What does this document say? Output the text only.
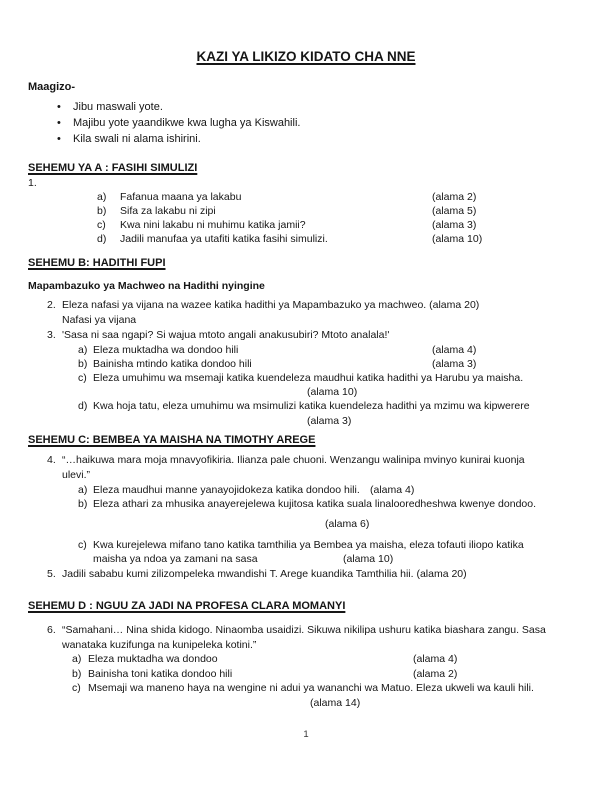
KAZI YA LIKIZO KIDATO CHA NNE
Maagizo-
• Jibu maswali yote.
• Majibu yote yaandikwe kwa lugha ya Kiswahili.
• Kila swali ni alama ishirini.
SEHEMU YA A : FASIHI SIMULIZI
1.
a) Fafanua maana ya lakabu	(alama 2)
b) Sifa za lakabu ni zipi	(alama 5)
c) Kwa nini lakabu ni muhimu katika jamii?	(alama 3)
d) Jadili manufaa ya utafiti katika fasihi simulizi.	(alama 10)
SEHEMU B: HADITHI FUPI
Mapambazuko ya Machweo na Hadithi nyingine
2. Eleza nafasi ya vijana na wazee katika hadithi ya Mapambazuko ya machweo. (alama 20)
Nafasi ya vijana
3. 'Sasa ni saa ngapi? Si wajua mtoto angali anakusubiri? Mtoto analala!'
a) Eleza muktadha wa dondoo hili	(alama 4)
b) Bainisha mtindo katika dondoo hili	(alama 3)
c) Eleza umuhimu wa msemaji katika kuendeleza maudhui katika hadithi ya Harubu ya maisha.
(alama 10)
d) Kwa hoja tatu, eleza umuhimu wa msimulizi katika kuendeleza hadithi ya mzimu wa kipwerere
(alama 3)
SEHEMU C: BEMBEA YA MAISHA NA TIMOTHY AREGE
4. “…haikuwa mara moja mnavyofikiria. Ilianza pale chuoni. Wenzangu walinipa mvinyo kunirai kuonja
ulevi.”
a) Eleza maudhui manne yanayojidokeza katika dondoo hili. (alama 4)
b) Eleza athari za mhusika anayerejelewa kujitosa katika suala linalooredheshwa kwenye dondoo.
(alama 6)
c) Kwa kurejelewa mifano tano katika tamthilia ya Bembea ya maisha, eleza tofauti iliopo katika
maisha ya ndoa ya zamani na sasa	(alama 10)
5. Jadili sababu kumi zilizompeleka mwandishi T. Arege kuandika Tamthilia hii. (alama 20)
SEHEMU D : NGUU ZA JADI NA PROFESA CLARA MOMANYI
6. “Samahani… Nina shida kidogo. Ninaomba usaidizi. Sikuwa nikilipa ushuru katika biashara zangu. Sasa
wanataka kuzifunga na kunipeleka kotini.”
a) Eleza muktadha wa dondoo	(alama 4)
b) Bainisha toni katika dondoo hili	(alama 2)
c) Msemaji wa maneno haya na wengine ni adui ya wananchi wa Matuo. Eleza ukweli wa kauli hili.
(alama 14)
1
